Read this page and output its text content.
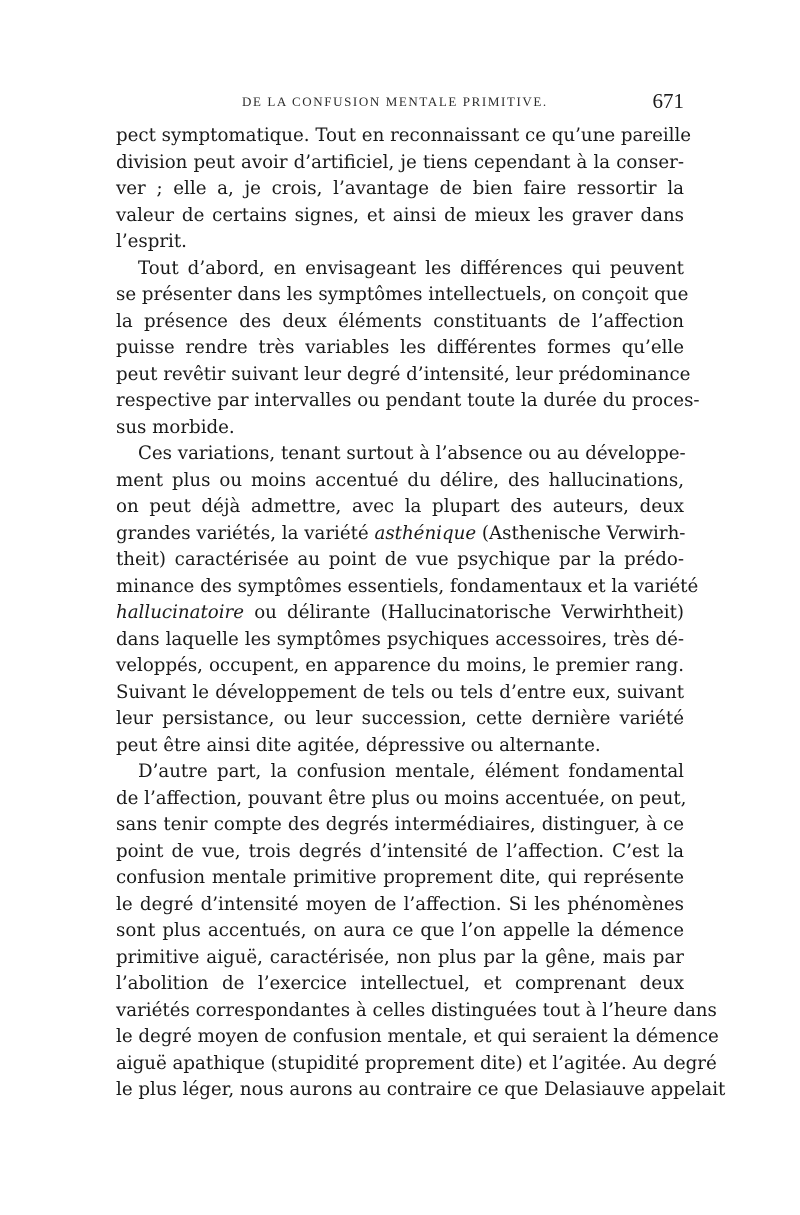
DE LA CONFUSION MENTALE PRIMITIVE.	671
pect symptomatique. Tout en reconnaissant ce qu’une pareille
division peut avoir d’artificiel, je tiens cependant à la conser-
ver ; elle a, je crois, l’avantage de bien faire ressortir la
valeur de certains signes, et ainsi de mieux les graver dans
l’esprit.
Tout d’abord, en envisageant les différences qui peuvent
se présenter dans les symptômes intellectuels, on conçoit que
la présence des deux éléments constituants de l’affection
puisse rendre très variables les différentes formes qu’elle
peut revêtir suivant leur degré d’intensité, leur prédominance
respective par intervalles ou pendant toute la durée du proces-
sus morbide.
Ces variations, tenant surtout à l’absence ou au développe-
ment plus ou moins accentué du délire, des hallucinations,
on peut déjà admettre, avec la plupart des auteurs, deux
grandes variétés, la variété asthénique (Asthenische Verwirh-
theit) caractérisée au point de vue psychique par la prédo-
minance des symptômes essentiels, fondamentaux et la variété
hallucinatoire ou délirante (Hallucinatorische Verwirhtheit)
dans laquelle les symptômes psychiques accessoires, très dé-
veloppés, occupent, en apparence du moins, le premier rang.
Suivant le développement de tels ou tels d’entre eux, suivant
leur persistance, ou leur succession, cette dernière variété
peut être ainsi dite agitée, dépressive ou alternante.
D’autre part, la confusion mentale, élément fondamental
de l’affection, pouvant être plus ou moins accentuée, on peut,
sans tenir compte des degrés intermédiaires, distinguer, à ce
point de vue, trois degrés d’intensité de l’affection. C’est la
confusion mentale primitive proprement dite, qui représente
le degré d’intensité moyen de l’affection. Si les phénomènes
sont plus accentués, on aura ce que l’on appelle la démence
primitive aiguë, caractérisée, non plus par la gêne, mais par
l’abolition de l’exercice intellectuel, et comprenant deux
variétés correspondantes à celles distinguées tout à l’heure dans
le degré moyen de confusion mentale, et qui seraient la démence
aiguë apathique (stupidité proprement dite) et l’agitée. Au degré
le plus léger, nous aurons au contraire ce que Delasiauve appelait
